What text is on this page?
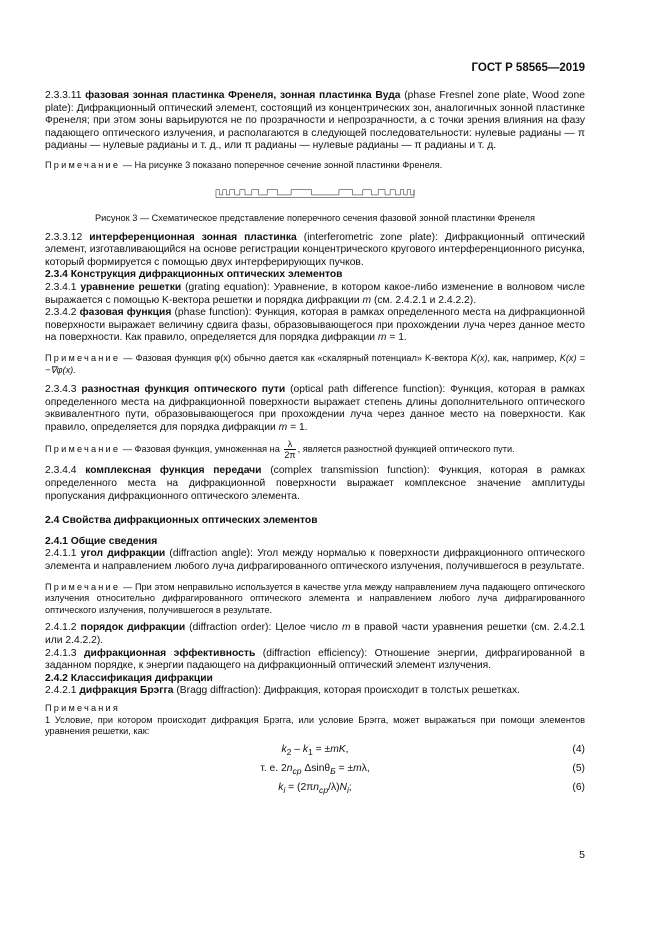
ГОСТ Р 58565—2019

2.3.3.11 фазовая зонная пластинка Френеля, зонная пластинка Вуда (phase Fresnel zone plate, Wood zone plate): Дифракционный оптический элемент, состоящий из концентрических зон, аналогичных зонной пластинке Френеля; при этом зоны варьируются не по прозрачности и непрозрачности, а с точки зрения влияния на фазу падающего оптического излучения, и располагаются в следующей последовательности: нулевые радианы — π радианы — нулевые радианы и т. д., или π радианы — нулевые радианы — π радианы и т. д.

Примечание — На рисунке 3 показано поперечное сечение зонной пластинки Френеля.

Рисунок 3 — Схематическое представление поперечного сечения фазовой зонной пластинки Френеля

2.3.3.12 интерференционная зонная пластинка (interferometric zone plate): Дифракционный оптический элемент, изготавливающийся на основе регистрации концентрического кругового интерференционного рисунка, который формируется с помощью двух интерферирующих пучков.

2.3.4 Конструкция дифракционных оптических элементов

2.3.4.1 уравнение решетки (grating equation): Уравнение, в котором какое-либо изменение в волновом числе выражается с помощью K-вектора решетки и порядка дифракции m (см. 2.4.2.1 и 2.4.2.2).

2.3.4.2 фазовая функция (phase function): Функция, которая в рамках определенного места на дифракционной поверхности выражает величину сдвига фазы, образовывающегося при прохождении луча через данное место на поверхности. Как правило, определяется для порядка дифракции m = 1.

Примечание — Фазовая функция φ(x) обычно дается как «скалярный потенциал» K-вектора K(x), как, например, K(x) = −∇φ(x).

2.3.4.3 разностная функция оптического пути (optical path difference function): Функция, которая в рамках определенного места на дифракционной поверхности выражает степень длины дополнительного оптического эквивалентного пути, образовывающегося при прохождении луча через данное место на поверхности. Как правило, определяется для порядка дифракции m = 1.

Примечание — Фазовая функция, умноженная на $\frac{\lambda}{2\pi}$ , является разностной функцией оптического пути.

2.3.4.4 комплексная функция передачи (complex transmission function): Функция, которая в рамках определенного места на дифракционной поверхности выражает комплексное значение амплитуды пропускания дифракционного оптического элемента.

2.4 Свойства дифракционных оптических элементов

2.4.1 Общие сведения

2.4.1.1 угол дифракции (diffraction angle): Угол между нормалью к поверхности дифракционного оптического элемента и направлением любого луча дифрагированного оптического излучения, получившегося в результате.

Примечание — При этом неправильно используется в качестве угла между направлением луча падающего оптического излучения относительно дифрагированного оптического элемента и направлением любого луча дифрагированного оптического излучения, получившегося в результате.

2.4.1.2 порядок дифракции (diffraction order): Целое число m в правой части уравнения решетки (см. 2.4.2.1 или 2.4.2.2).

2.4.1.3 дифракционная эффективность (diffraction efficiency): Отношение энергии, дифрагированной в заданном порядке, к энергии падающего на дифракционный оптический элемент излучения.

2.4.2 Классификация дифракции

2.4.2.1 дифракция Брэгга (Bragg diffraction): Дифракция, которая происходит в толстых решетках.

Примечания

1 Условие, при котором происходит дифракция Брэгга, или условие Брэгга, может выражаться при помощи элементов уравнения решетки, как:

$k_2 - k_1 = \pm mK$,	(4)
т. е. $2n_{ср}$ Δsinθ$_Б$ = ±mλ,	(5)
$k_i = (2\pi n_{ср}/\lambda)N_i$;	(6)
5
